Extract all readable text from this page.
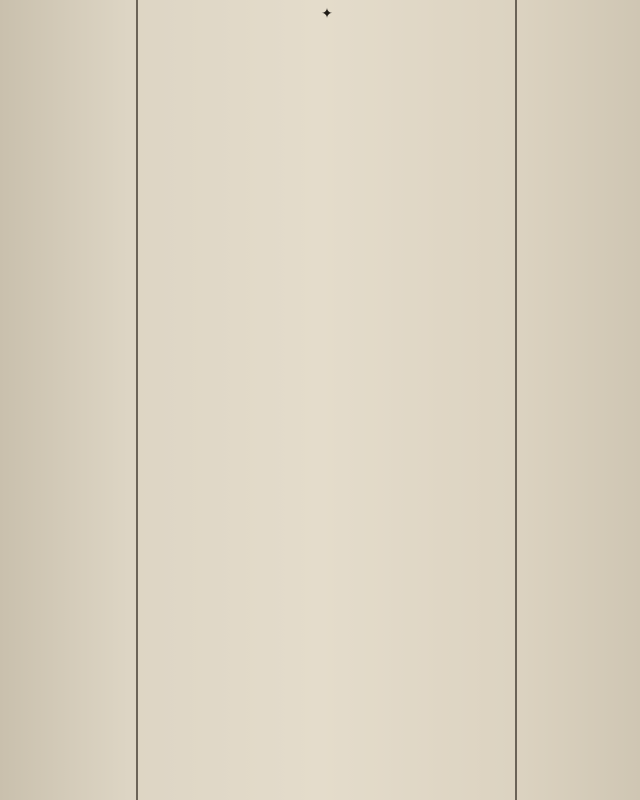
✦
